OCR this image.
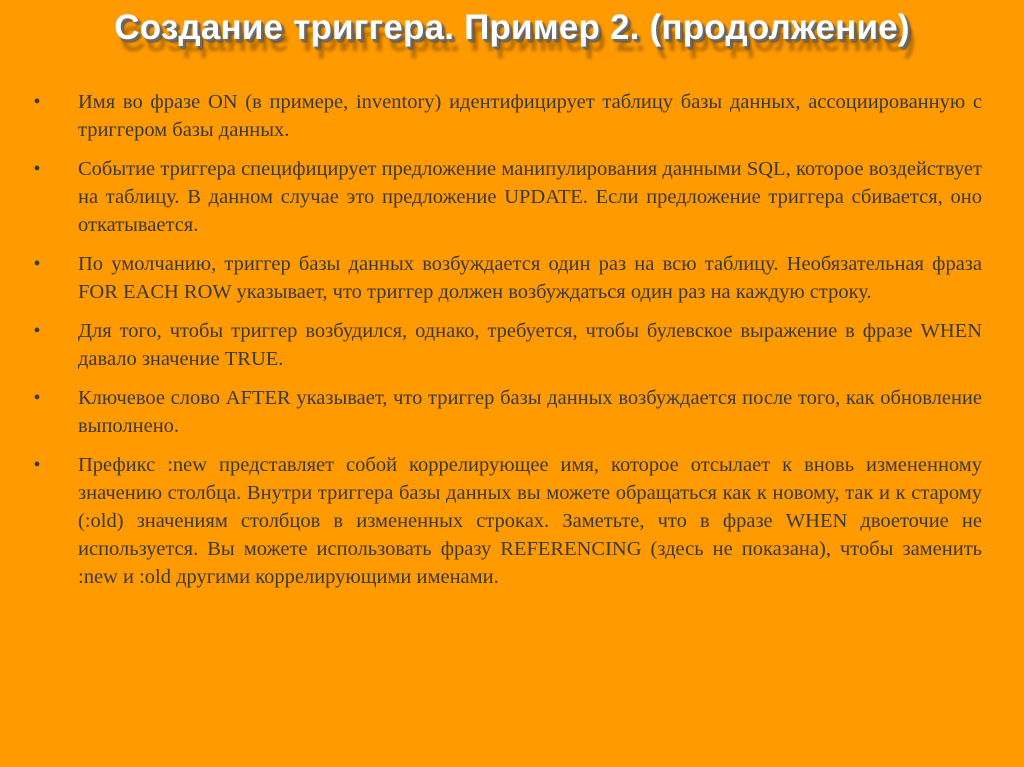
Создание триггера. Пример 2. (продолжение)
• Имя во фразе ON (в примере, inventory) идентифицирует таблицу базы данных, ассоциированную с триггером базы данных.
• Событие триггера специфицирует предложение манипулирования данными SQL, которое воздействует на таблицу. В данном случае это предложение UPDATE. Если предложение триггера сбивается, оно откатывается.
• По умолчанию, триггер базы данных возбуждается один раз на всю таблицу. Необязательная фраза FOR EACH ROW указывает, что триггер должен возбуждаться один раз на каждую строку.
• Для того, чтобы триггер возбудился, однако, требуется, чтобы булевское выражение в фразе WHEN давало значение TRUE.
• Ключевое слово AFTER указывает, что триггер базы данных возбуждается после того, как обновление выполнено.
• Префикс :new представляет собой коррелирующее имя, которое отсылает к вновь измененному значению столбца. Внутри триггера базы данных вы можете обращаться как к новому, так и к старому (:old) значениям столбцов в измененных строках. Заметьте, что в фразе WHEN двоеточие не используется. Вы можете использовать фразу REFERENCING (здесь не показана), чтобы заменить :new и :old другими коррелирующими именами.
